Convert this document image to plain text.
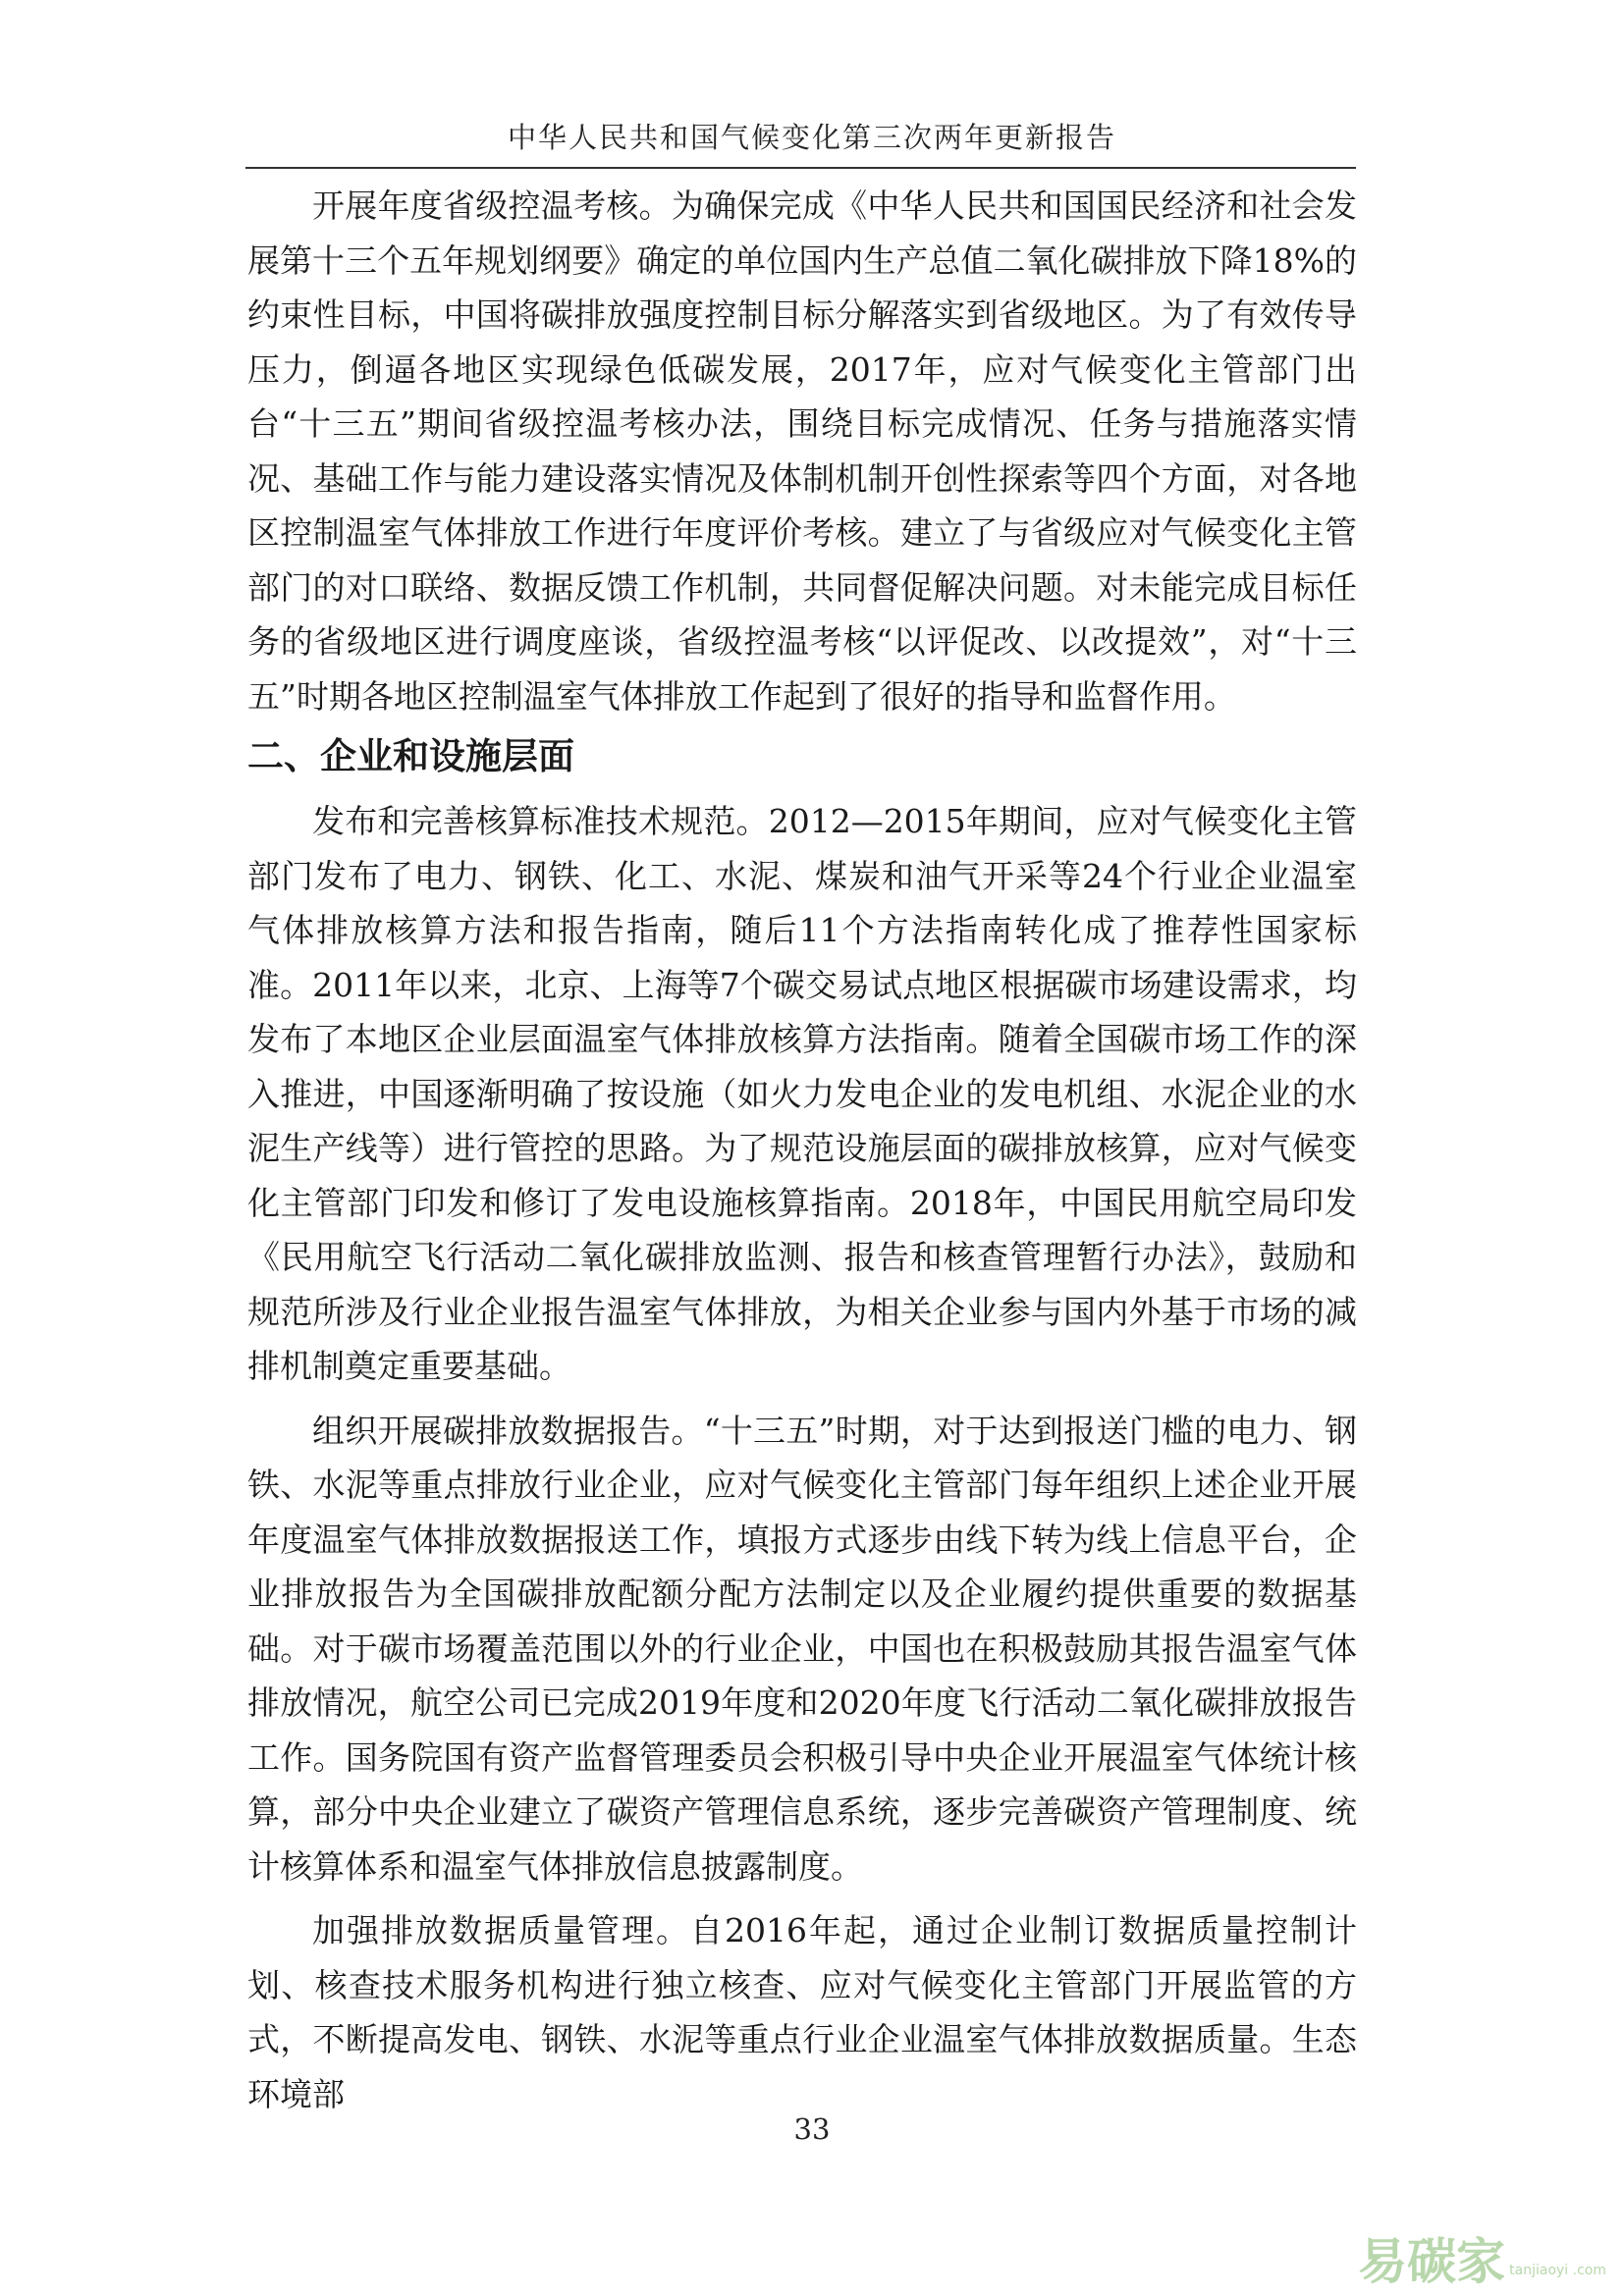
中华人民共和国气候变化第三次两年更新报告

开展年度省级控温考核。为确保完成《中华人民共和国国民经济和社会发展第十三个五年规划纲要》确定的单位国内生产总值二氧化碳排放下降18%的约束性目标，中国将碳排放强度控制目标分解落实到省级地区。为了有效传导压力，倒逼各地区实现绿色低碳发展，2017年，应对气候变化主管部门出台“十三五”期间省级控温考核办法，围绕目标完成情况、任务与措施落实情况、基础工作与能力建设落实情况及体制机制开创性探索等四个方面，对各地区控制温室气体排放工作进行年度评价考核。建立了与省级应对气候变化主管部门的对口联络、数据反馈工作机制，共同督促解决问题。对未能完成目标任务的省级地区进行调度座谈，省级控温考核“以评促改、以改提效”，对“十三五”时期各地区控制温室气体排放工作起到了很好的指导和监督作用。

二、企业和设施层面

发布和完善核算标准技术规范。2012—2015年期间，应对气候变化主管部门发布了电力、钢铁、化工、水泥、煤炭和油气开采等24个行业企业温室气体排放核算方法和报告指南，随后11个方法指南转化成了推荐性国家标准。2011年以来，北京、上海等7个碳交易试点地区根据碳市场建设需求，均发布了本地区企业层面温室气体排放核算方法指南。随着全国碳市场工作的深入推进，中国逐渐明确了按设施（如火力发电企业的发电机组、水泥企业的水泥生产线等）进行管控的思路。为了规范设施层面的碳排放核算，应对气候变化主管部门印发和修订了发电设施核算指南。2018年，中国民用航空局印发《民用航空飞行活动二氧化碳排放监测、报告和核查管理暂行办法》，鼓励和规范所涉及行业企业报告温室气体排放，为相关企业参与国内外基于市场的减排机制奠定重要基础。

组织开展碳排放数据报告。“十三五”时期，对于达到报送门槛的电力、钢铁、水泥等重点排放行业企业，应对气候变化主管部门每年组织上述企业开展年度温室气体排放数据报送工作，填报方式逐步由线下转为线上信息平台，企业排放报告为全国碳排放配额分配方法制定以及企业履约提供重要的数据基础。对于碳市场覆盖范围以外的行业企业，中国也在积极鼓励其报告温室气体排放情况，航空公司已完成2019年度和2020年度飞行活动二氧化碳排放报告工作。国务院国有资产监督管理委员会积极引导中央企业开展温室气体统计核算，部分中央企业建立了碳资产管理信息系统，逐步完善碳资产管理制度、统计核算体系和温室气体排放信息披露制度。

加强排放数据质量管理。自2016年起，通过企业制订数据质量控制计划、核查技术服务机构进行独立核查、应对气候变化主管部门开展监管的方式，不断提高发电、钢铁、水泥等重点行业企业温室气体排放数据质量。生态环境部

33
易碳家 tanjiaoyi .com
